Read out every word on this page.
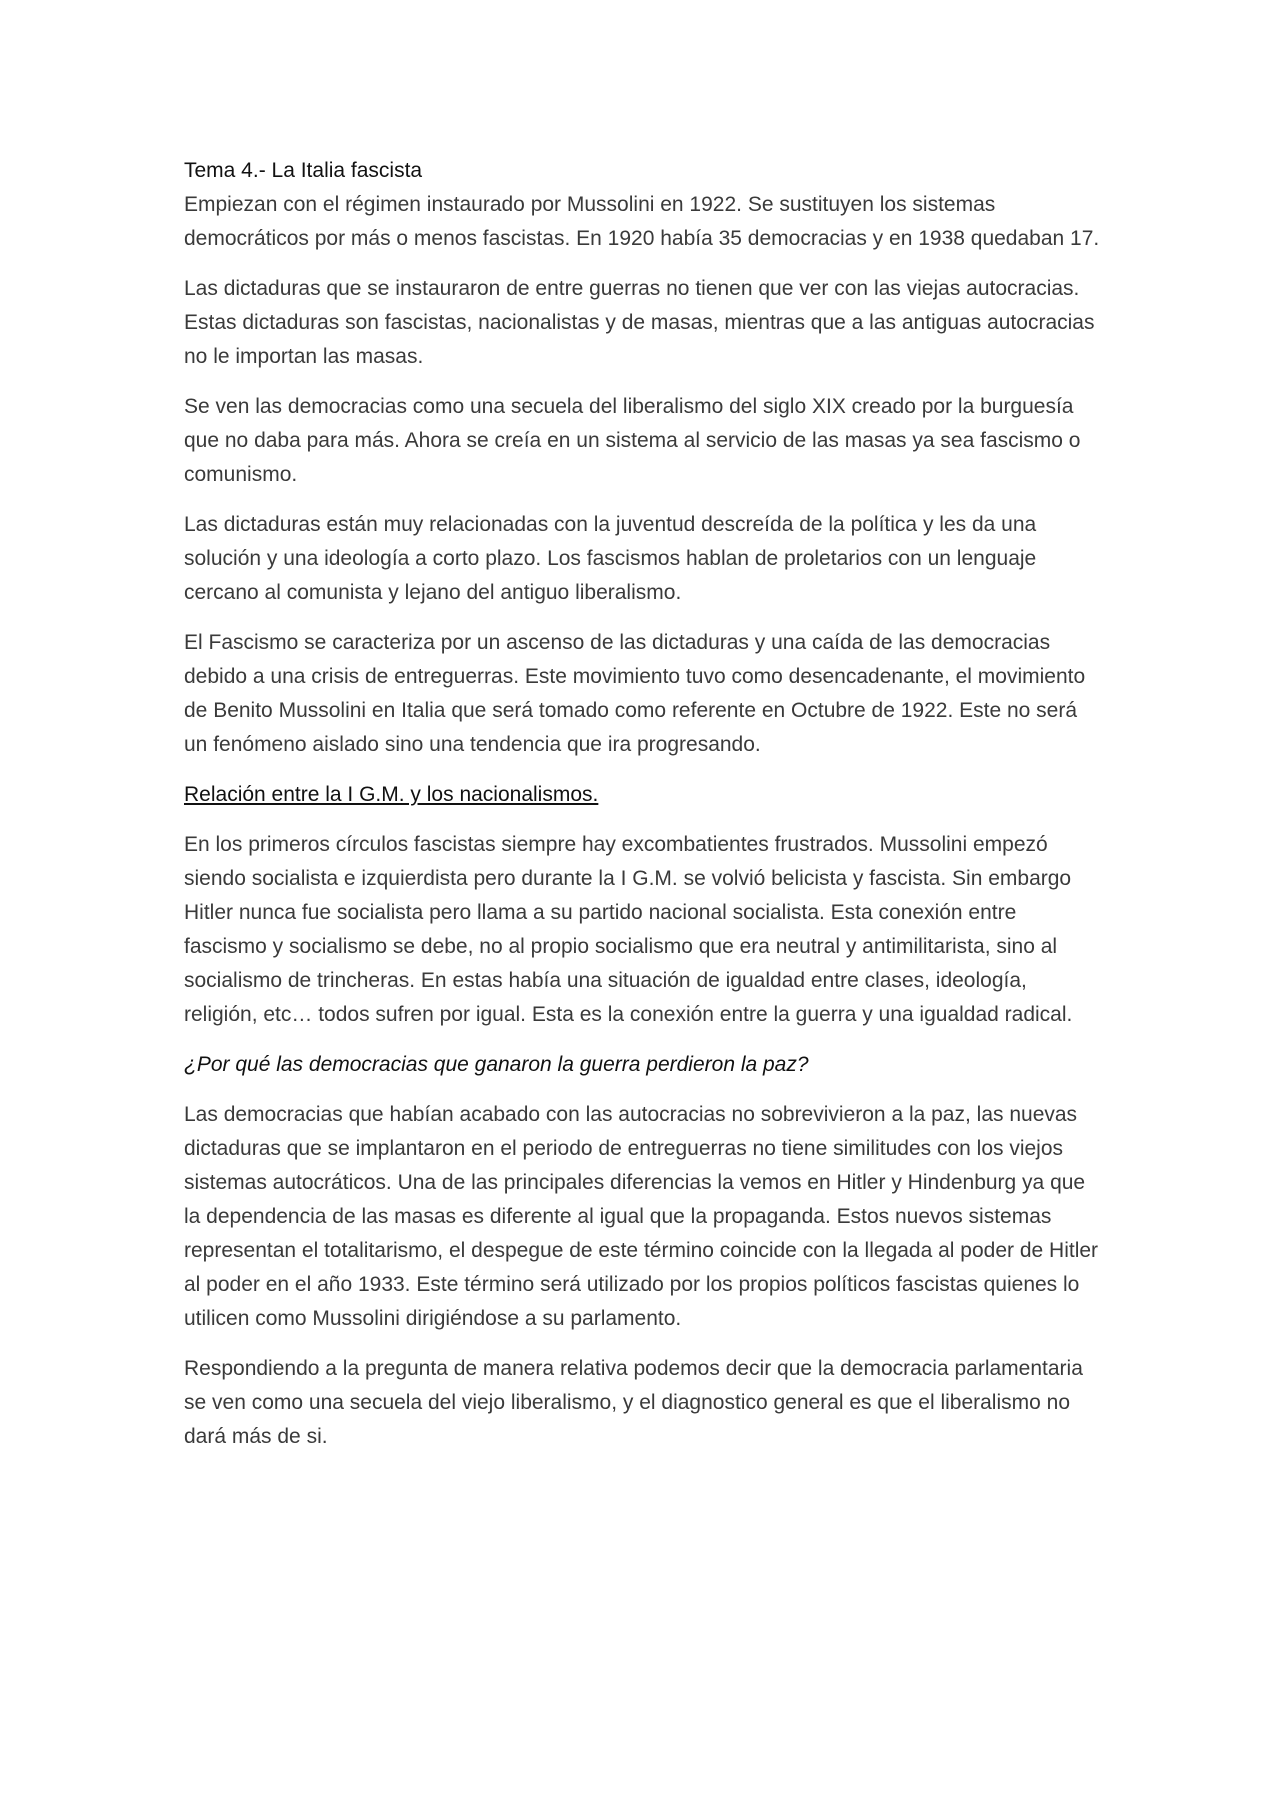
Tema 4.- La Italia fascista

Empiezan con el régimen instaurado por Mussolini en 1922. Se sustituyen los sistemas democráticos por más o menos fascistas. En 1920 había 35 democracias y en 1938 quedaban 17.

Las dictaduras que se instauraron de entre guerras no tienen que ver con las viejas autocracias. Estas dictaduras son fascistas, nacionalistas y de masas, mientras que a las antiguas autocracias no le importan las masas.

Se ven las democracias como una secuela del liberalismo del siglo XIX creado por la burguesía que no daba para más. Ahora se creía en un sistema al servicio de las masas ya sea fascismo o comunismo.

Las dictaduras están muy relacionadas con la juventud descreída de la política y les da una solución y una ideología a corto plazo. Los fascismos hablan de proletarios con un lenguaje cercano al comunista y lejano del antiguo liberalismo.

El Fascismo se caracteriza por un ascenso de las dictaduras y una caída de las democracias debido a una crisis de entreguerras. Este movimiento tuvo como desencadenante, el movimiento de Benito Mussolini en Italia que será tomado como referente en Octubre de 1922. Este no será un fenómeno aislado sino una tendencia que ira progresando.

Relación entre la I G.M. y los nacionalismos.

En los primeros círculos fascistas siempre hay excombatientes frustrados. Mussolini empezó siendo socialista e izquierdista pero durante la I G.M. se volvió belicista y fascista. Sin embargo Hitler nunca fue socialista pero llama a su partido nacional socialista. Esta conexión entre fascismo y socialismo se debe, no al propio socialismo que era neutral y antimilitarista, sino al socialismo de trincheras. En estas había una situación de igualdad entre clases, ideología, religión, etc… todos sufren por igual. Esta es la conexión entre la guerra y una igualdad radical.

¿Por qué las democracias que ganaron la guerra perdieron la paz?

Las democracias que habían acabado con las autocracias no sobrevivieron a la paz, las nuevas dictaduras que se implantaron en el periodo de entreguerras no tiene similitudes con los viejos sistemas autocráticos. Una de las principales diferencias la vemos en Hitler y Hindenburg ya que la dependencia de las masas es diferente al igual que la propaganda. Estos nuevos sistemas representan el totalitarismo, el despegue de este término coincide con la llegada al poder de Hitler al poder en el año 1933. Este término será utilizado por los propios políticos fascistas quienes lo utilicen como Mussolini dirigiéndose a su parlamento.

Respondiendo a la pregunta de manera relativa podemos decir que la democracia parlamentaria se ven como una secuela del viejo liberalismo, y el diagnostico general es que el liberalismo no dará más de si.
